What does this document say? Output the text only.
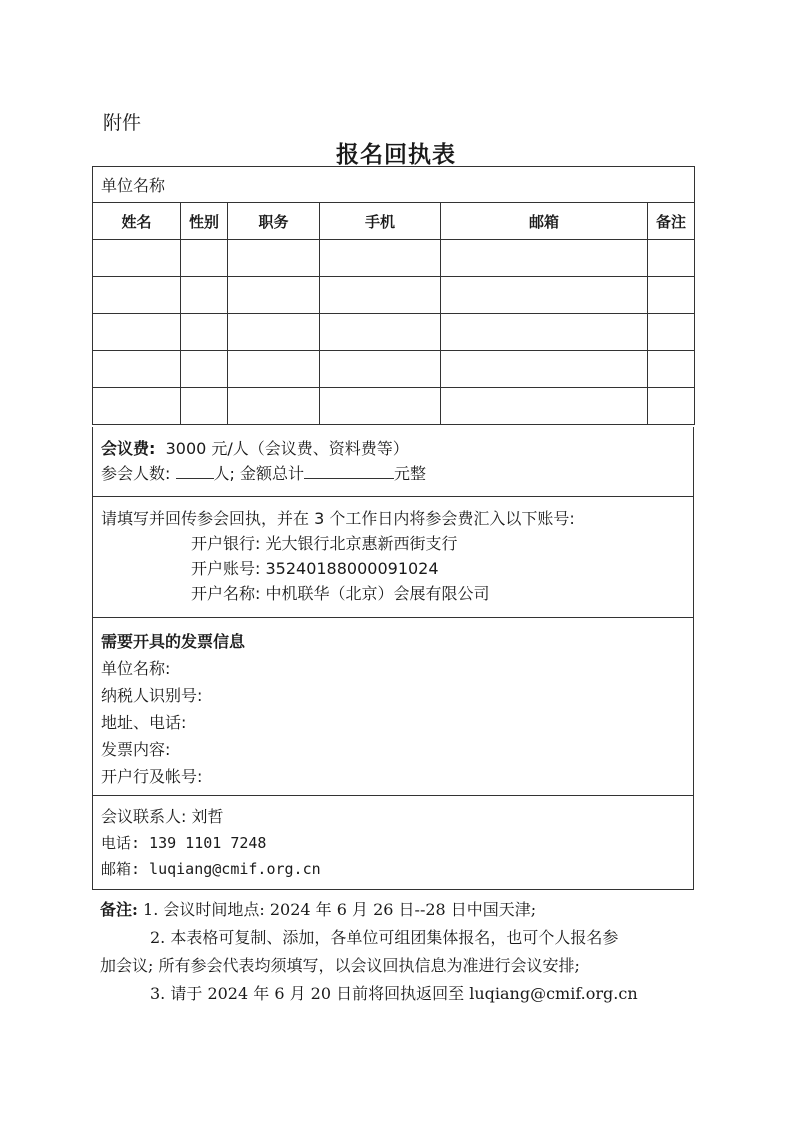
附件
报名回执表
单位名称					
姓名	性别	职务	手机	邮箱	备注

会议费: 3000 元/人（会议费、资料费等）

参会人数:	人; 金额总计	元整

请填写并回传参会回执，并在 3 个工作日内将参会费汇入以下账号:

开户银行: 光大银行北京惠新西街支行

开户账号: 35240188000091024

开户名称: 中机联华（北京）会展有限公司

需要开具的发票信息

单位名称:

纳税人识别号:

地址、电话:

发票内容:

开户行及帐号:

会议联系人: 刘哲

电话: 139 1101 7248

邮箱: luqiang@cmif.org.cn

备注: 1. 会议时间地点: 2024 年 6 月 26 日--28 日中国天津;

2. 本表格可复制、添加，各单位可组团集体报名，也可个人报名参

加会议; 所有参会代表均须填写，以会议回执信息为准进行会议安排;

3. 请于 2024 年 6 月 20 日前将回执返回至 luqiang@cmif.org.cn
